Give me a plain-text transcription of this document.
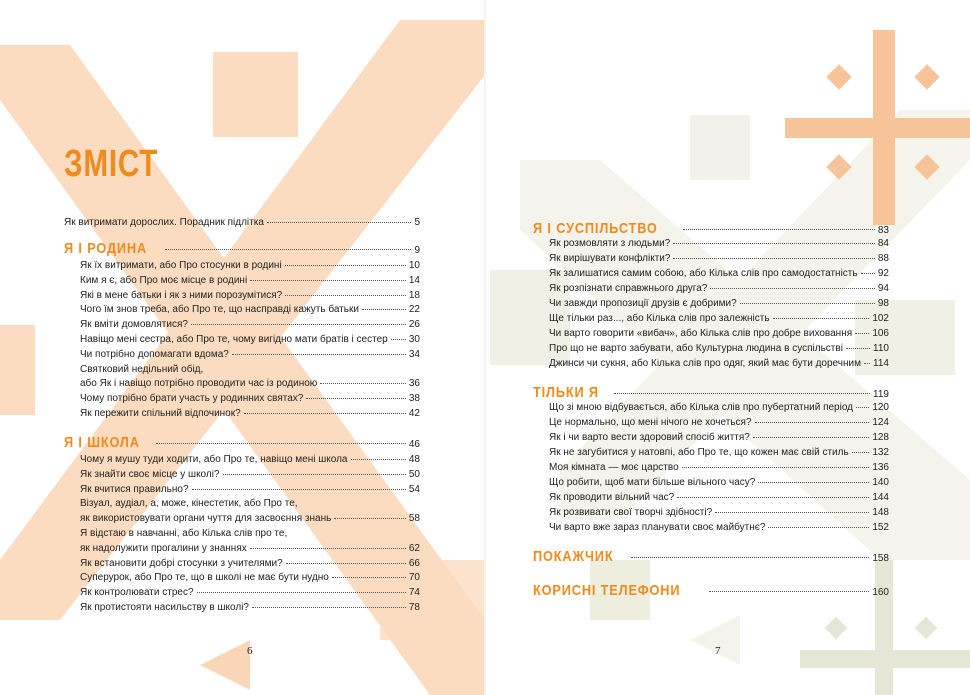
ЗМІСТ
Як витримати дорослих. Порадник підлітка	5
Я І РОДИНА	9
Як їх витримати, або Про стосунки в родині	10
Ким я є, або Про моє місце в родині	14
Які в мене батьки і як з ними порозумітися?	18
Чого їм знов треба, або Про те, що насправді кажуть батьки	22
Як вміти домовлятися?	26
Навіщо мені сестра, або Про те, чому вигідно мати братів і сестер 30
Чи потрібно допомагати вдома?	34
Святковий недільний обід,
або Як і навіщо потрібно проводити час із родиною	36
Чому потрібно брати участь у родинних святах?	38
Як пережити спільний відпочинок?	42
Я І ШКОЛА	46
Чому я мушу туди ходити, або Про те, навіщо мені школа	48
Як знайти своє місце у школі?	50
Як вчитися правильно?	54
Візуал, аудіал, а, може, кінестетик, або Про те,
як використовувати органи чуття для засвоєння знань	58
Я відстаю в навчанні, або Кілька слів про те,
як надолужити прогалини у знаннях	62
Як встановити добрі стосунки з учителями?	66
Суперурок, або Про те, що в школі не має бути нудно	70
Як контролювати стрес?	74
Як протистояти насильству в школі?	78
Я І СУСПІЛЬСТВО	83
Як розмовляти з людьми?	84
Як вирішувати конфлікти?	88
Як залишатися самим собою, або Кілька слів про самодостатність 92
Як розпізнати справжнього друга?	94
Чи завжди пропозиції друзів є добрими?	98
Ще тільки раз..., або Кілька слів про залежність	102
Чи варто говорити «вибач», або Кілька слів про добре виховання 106
Про що не варто забувати, або Культурна людина в суспільстві	110
Джинси чи сукня, або Кілька слів про одяг, який має бути доречним 114
ТІЛЬКИ Я	119
Що зі мною відбувається, або Кілька слів про пубертатний період 120
Це нормально, що мені нічого не хочеться?	124
Як і чи варто вести здоровий спосіб життя?	128
Як не загубитися у натовпі, або Про те, що кожен має свій стиль 132
Моя кімната — моє царство	136
Що робити, щоб мати більше вільного часу?	140
Як проводити вільний час?	144
Як розвивати свої творчі здібності?	148
Чи варто вже зараз планувати своє майбутнє?	152
ПОКАЖЧИК	158
КОРИСНІ ТЕЛЕФОНИ	160
6	7
